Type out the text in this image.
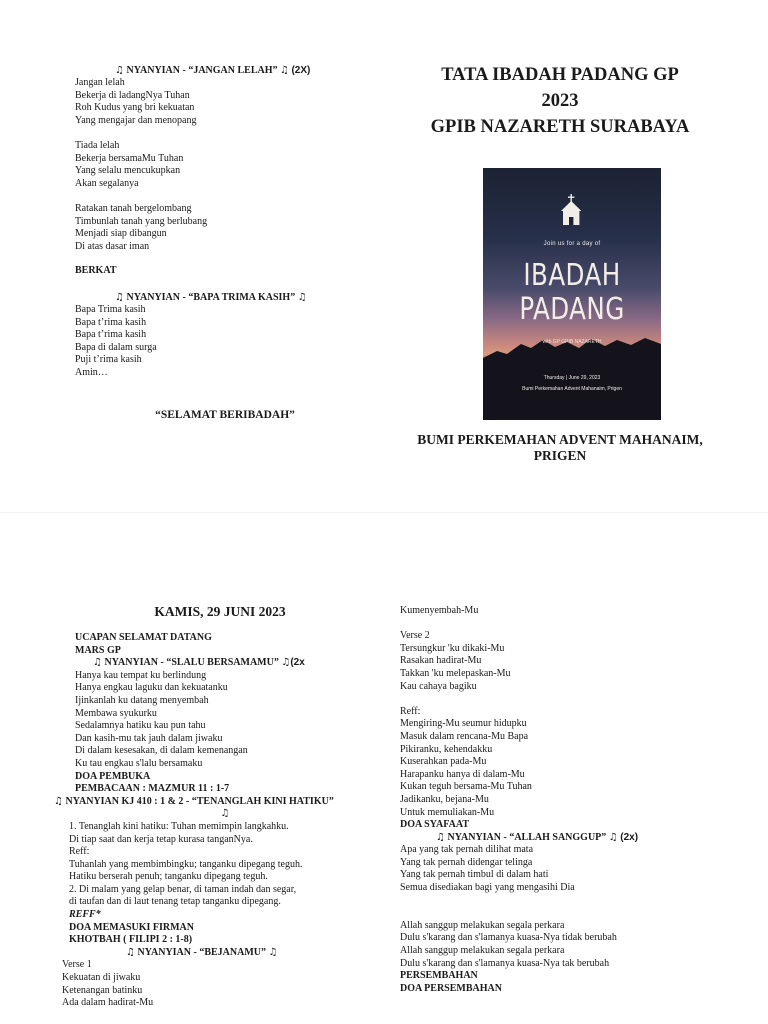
♫ NYANYIAN - “JANGAN LELAH” ♫ (2X)
Jangan lelah
Bekerja di ladangNya Tuhan
Roh Kudus yang bri kekuatan
Yang mengajar dan menopang
Tiada lelah
Bekerja bersamaMu Tuhan
Yang selalu mencukupkan
Akan segalanya
Ratakan tanah bergelombang
Timbunlah tanah yang berlubang
Menjadi siap dibangun
Di atas dasar iman
BERKAT
♫ NYANYIAN - “BAPA TRIMA KASIH” ♫
Bapa Trima kasih
Bapa t’rima kasih
Bapa t’rima kasih
Bapa di dalam surga
Puji t’rima kasih
Amin…
“SELAMAT BERIBADAH”
TATA IBADAH PADANG GP
2023
GPIB NAZARETH SURABAYA
Join us for a day of
IBADAH
PADANG
with GP GPIB NAZARETH
Thursday | June 29, 2023
Bumi Perkemahan Advent Mahanaim, Prigen
BUMI PERKEMAHAN ADVENT MAHANAIM,
PRIGEN
KAMIS, 29 JUNI 2023
UCAPAN SELAMAT DATANG
MARS GP
♫ NYANYIAN - “SLALU BERSAMAMU” ♫(2x
Hanya kau tempat ku berlindung
Hanya engkau laguku dan kekuatanku
Ijinkanlah ku datang menyembah
Membawa syukurku
Sedalamnya hatiku kau pun tahu
Dan kasih-mu tak jauh dalam jiwaku
Di dalam kesesakan, di dalam kemenangan
Ku tau engkau s'lalu bersamaku
DOA PEMBUKA
PEMBACAAN : MAZMUR 11 : 1-7
♫ NYANYIAN KJ 410 : 1 & 2 - “TENANGLAH KINI HATIKU”
♫
1. Tenanglah kini hatiku: Tuhan memimpin langkahku.
Di tiap saat dan kerja tetap kurasa tanganNya.
Reff:
Tuhanlah yang membimbingku; tanganku dipegang teguh.
Hatiku berserah penuh; tanganku dipegang teguh.
2. Di malam yang gelap benar, di taman indah dan segar,
di taufan dan di laut tenang tetap tanganku dipegang.
REFF*
DOA MEMASUKI FIRMAN
KHOTBAH ( FILIPI 2 : 1-8)
♫ NYANYIAN - “BEJANAMU” ♫
Verse 1
Kekuatan di jiwaku
Ketenangan batinku
Ada dalam hadirat-Mu
Kumenyembah-Mu
Verse 2
Tersungkur 'ku dikaki-Mu
Rasakan hadirat-Mu
Takkan 'ku melepaskan-Mu
Kau cahaya bagiku
Reff:
Mengiring-Mu seumur hidupku
Masuk dalam rencana-Mu Bapa
Pikiranku, kehendakku
Kuserahkan pada-Mu
Harapanku hanya di dalam-Mu
Kukan teguh bersama-Mu Tuhan
Jadikanku, bejana-Mu
Untuk memuliakan-Mu
DOA SYAFAAT
♫ NYANYIAN - “ALLAH SANGGUP” ♫ (2x)
Apa yang tak pernah dilihat mata
Yang tak pernah didengar telinga
Yang tak pernah timbul di dalam hati
Semua disediakan bagi yang mengasihi Dia
Allah sanggup melakukan segala perkara
Dulu s'karang dan s'lamanya kuasa-Nya tidak berubah
Allah sanggup melakukan segala perkara
Dulu s'karang dan s'lamanya kuasa-Nya tak berubah
PERSEMBAHAN
DOA PERSEMBAHAN
